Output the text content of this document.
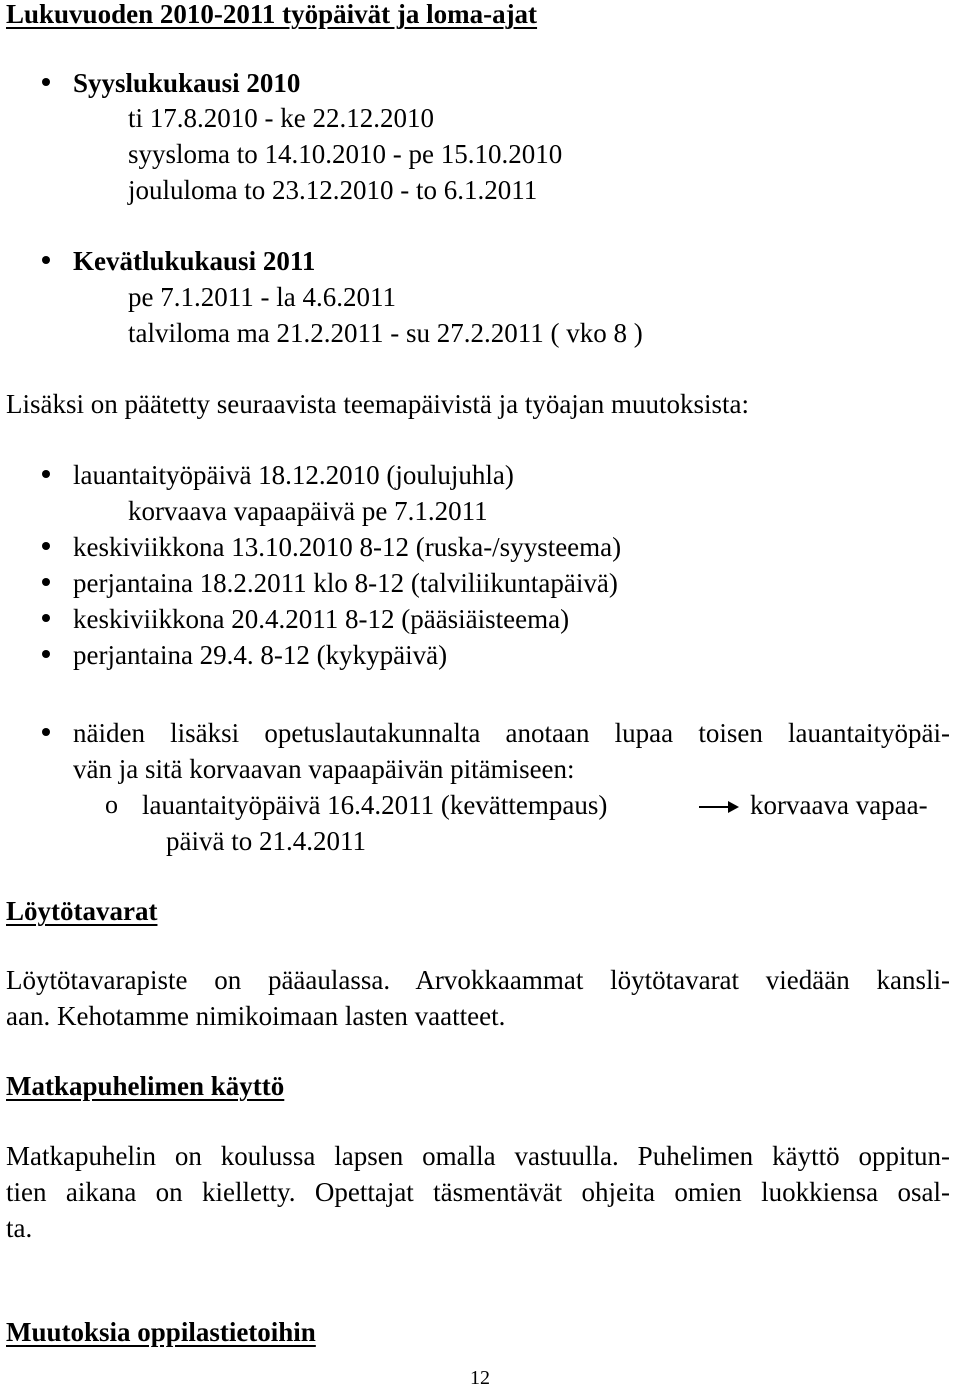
Lukuvuoden 2010-2011 työpäivät ja loma-ajat
Syyslukukausi 2010
ti 17.8.2010 - ke 22.12.2010
syysloma to 14.10.2010 - pe 15.10.2010
joululoma to 23.12.2010 - to 6.1.2011
Kevätlukukausi 2011
pe 7.1.2011 - la 4.6.2011
talviloma ma 21.2.2011 - su 27.2.2011 ( vko 8 )
Lisäksi on päätetty seuraavista teemapäivistä ja työajan muutoksista:
lauantaityöpäivä 18.12.2010 (joulujuhla)
korvaava vapaapäivä pe 7.1.2011
keskiviikkona 13.10.2010 8-12 (ruska-/syysteema)
perjantaina 18.2.2011 klo 8-12 (talviliikuntapäivä)
keskiviikkona 20.4.2011 8-12 (pääsiäisteema)
perjantaina 29.4. 8-12 (kykypäivä)
näiden lisäksi opetuslautakunnalta anotaan lupaa toisen lauantaityöpäi-
vän ja sitä korvaavan vapaapäivän pitämiseen:
o lauantaityöpäivä 16.4.2011 (kevättempaus)	korvaava vapaa-
päivä to 21.4.2011
Löytötavarat
Löytötavarapiste on pääaulassa. Arvokkaammat löytötavarat viedään kansli-
aan. Kehotamme nimikoimaan lasten vaatteet.
Matkapuhelimen käyttö
Matkapuhelin on koulussa lapsen omalla vastuulla. Puhelimen käyttö oppitun-
tien aikana on kielletty. Opettajat täsmentävät ohjeita omien luokkiensa osal-
ta.
Muutoksia oppilastietoihin
12
